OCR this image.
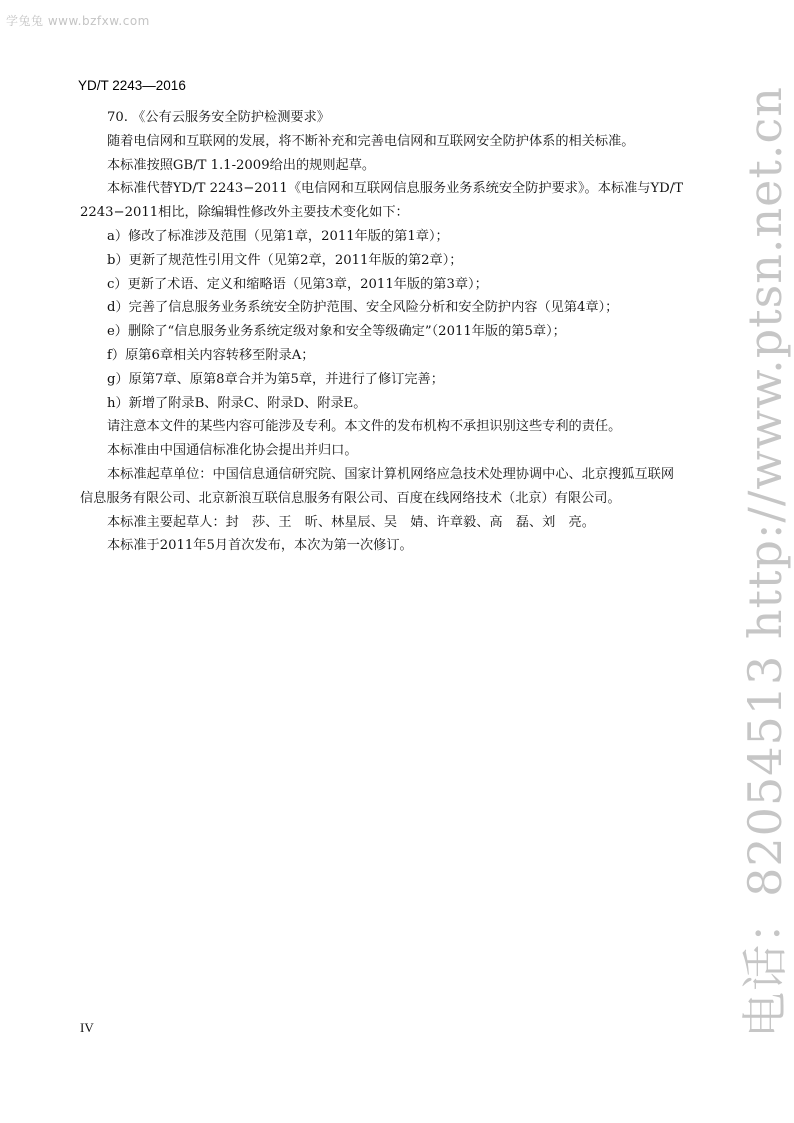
学兔兔 www.bzfxw.com
YD/T 2243—2016

70. 《公有云服务安全防护检测要求》

随着电信网和互联网的发展，将不断补充和完善电信网和互联网安全防护体系的相关标准。

本标准按照GB/T 1.1-2009给出的规则起草。

本标准代替YD/T 2243−2011《电信网和互联网信息服务业务系统安全防护要求》。本标准与YD/T

2243−2011相比，除编辑性修改外主要技术变化如下：

a）修改了标准涉及范围（见第1章，2011年版的第1章）；

b）更新了规范性引用文件（见第2章，2011年版的第2章）；

c）更新了术语、定义和缩略语（见第3章，2011年版的第3章）；

d）完善了信息服务业务系统安全防护范围、安全风险分析和安全防护内容（见第4章）；

e）删除了“信息服务业务系统定级对象和安全等级确定”（2011年版的第5章）；

f）原第6章相关内容转移至附录A；

g）原第7章、原第8章合并为第5章，并进行了修订完善；

h）新增了附录B、附录C、附录D、附录E。

请注意本文件的某些内容可能涉及专利。本文件的发布机构不承担识别这些专利的责任。

本标准由中国通信标准化协会提出并归口。

本标准起草单位：中国信息通信研究院、国家计算机网络应急技术处理协调中心、北京搜狐互联网

信息服务有限公司、北京新浪互联信息服务有限公司、百度在线网络技术（北京）有限公司。

本标准主要起草人：封　莎、王　昕、林星辰、吴　婧、许章毅、高　磊、刘　亮。

本标准于2011年5月首次发布，本次为第一次修订。

IV	电话：82054513 http://www.ptsn.net.cn
